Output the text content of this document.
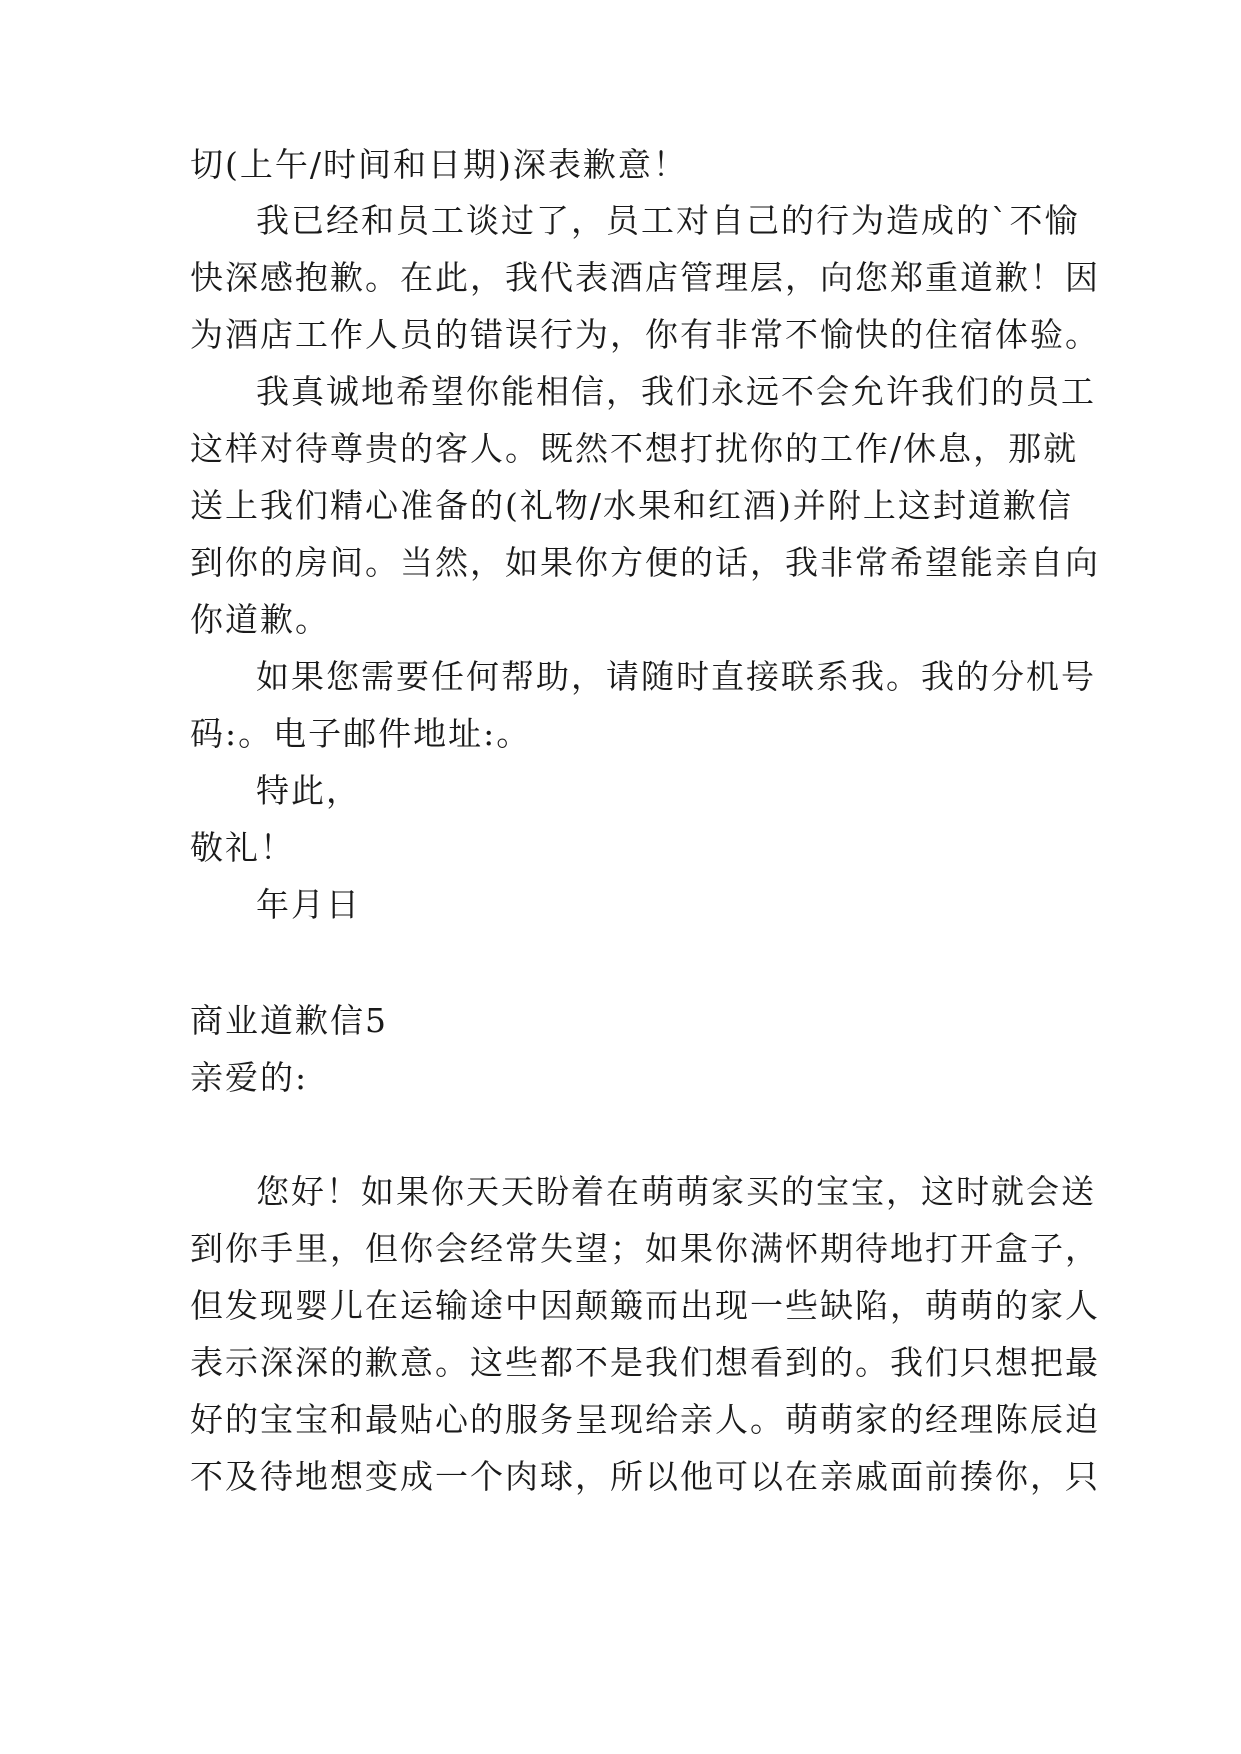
切(上午/时间和日期)深表歉意！
我已经和员工谈过了，员工对自己的行为造成的`不愉
快深感抱歉。在此，我代表酒店管理层，向您郑重道歉！因
为酒店工作人员的错误行为，你有非常不愉快的住宿体验。
我真诚地希望你能相信，我们永远不会允许我们的员工
这样对待尊贵的客人。既然不想打扰你的工作/休息，那就
送上我们精心准备的(礼物/水果和红酒)并附上这封道歉信
到你的房间。当然，如果你方便的话，我非常希望能亲自向
你道歉。
如果您需要任何帮助，请随时直接联系我。我的分机号
码:。电子邮件地址:。
特此，
敬礼！
年月日
商业道歉信5
亲爱的:
您好！如果你天天盼着在萌萌家买的宝宝，这时就会送
到你手里，但你会经常失望；如果你满怀期待地打开盒子，
但发现婴儿在运输途中因颠簸而出现一些缺陷，萌萌的家人
表示深深的歉意。这些都不是我们想看到的。我们只想把最
好的宝宝和最贴心的服务呈现给亲人。萌萌家的经理陈辰迫
不及待地想变成一个肉球，所以他可以在亲戚面前揍你，只
